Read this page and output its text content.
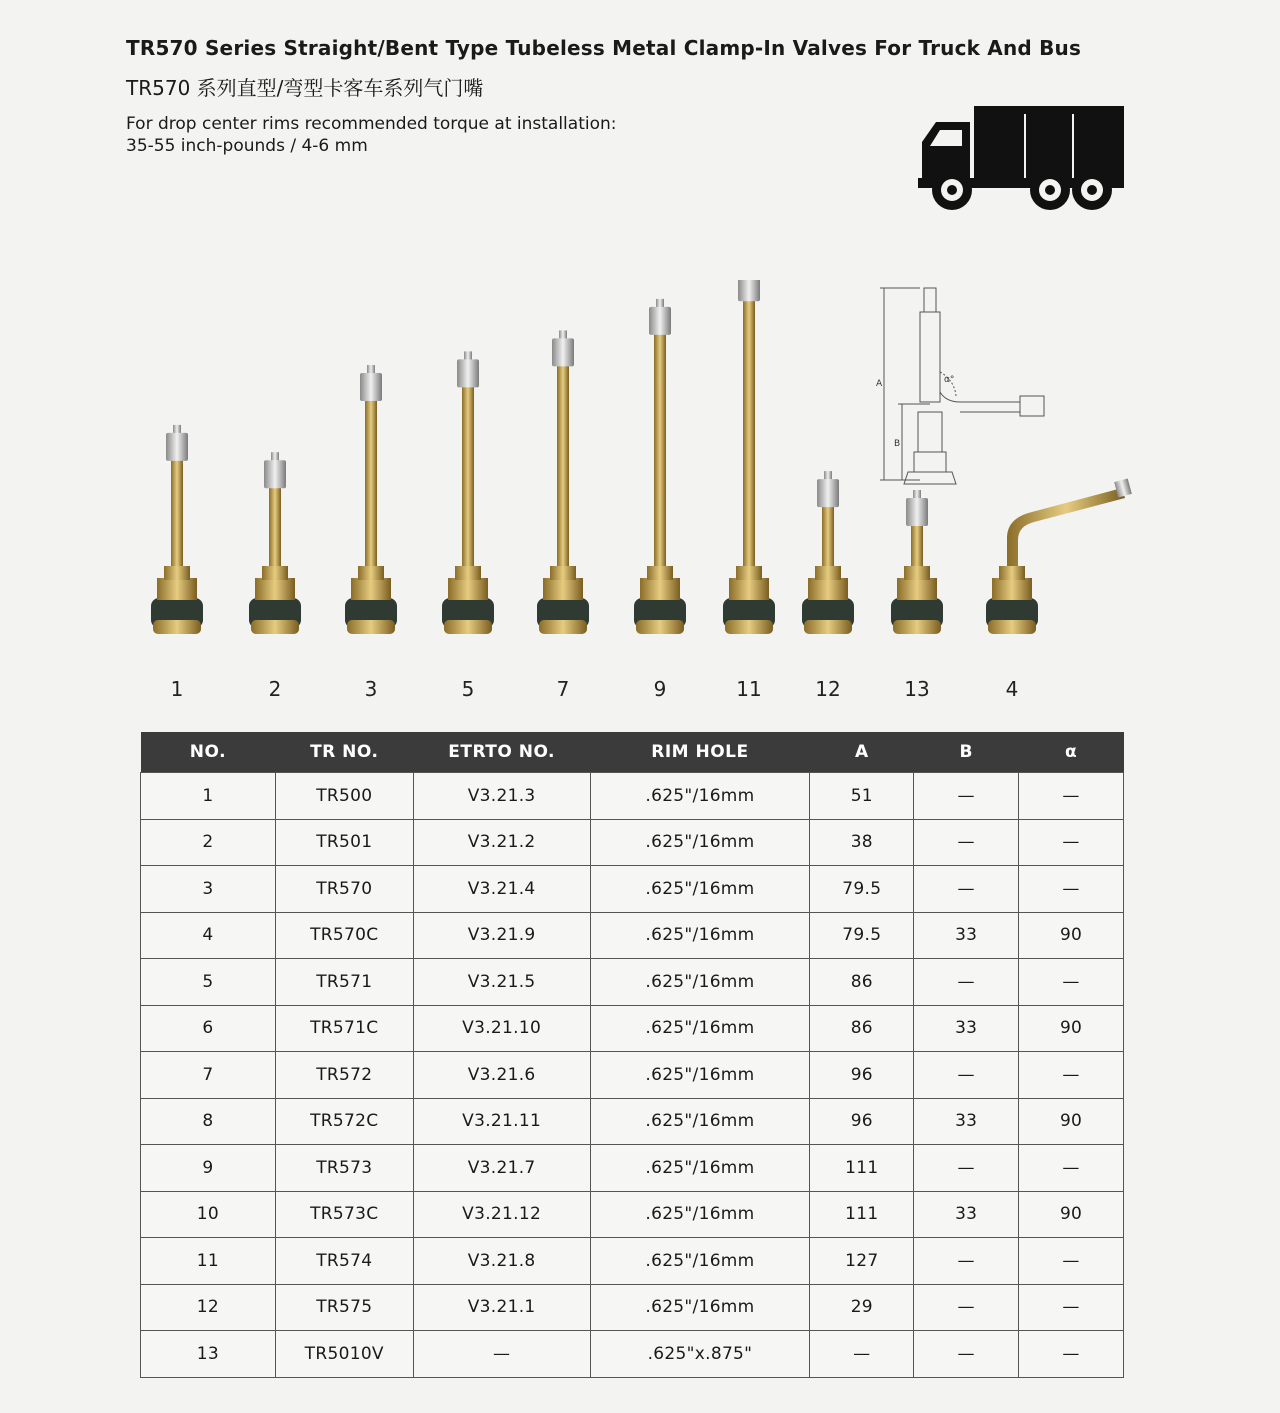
TR570 Series Straight/Bent Type Tubeless Metal Clamp-In Valves For Truck And Bus
TR570 系列直型/弯型卡客车系列气门嘴
For drop center rims recommended torque at installation: 35-55 inch-pounds / 4-6 mm
A
B
α°
1	2	3	5	7	9	11	12	13	4
NO.	TR NO.	ETRTO NO.	RIM HOLE	A	B	α
1	TR500	V3.21.3	.625"/16mm	51	—	—
2	TR501	V3.21.2	.625"/16mm	38	—	—
3	TR570	V3.21.4	.625"/16mm	79.5	—	—
4	TR570C	V3.21.9	.625"/16mm	79.5	33	90
5	TR571	V3.21.5	.625"/16mm	86	—	—
6	TR571C	V3.21.10	.625"/16mm	86	33	90
7	TR572	V3.21.6	.625"/16mm	96	—	—
8	TR572C	V3.21.11	.625"/16mm	96	33	90
9	TR573	V3.21.7	.625"/16mm	111	—	—
10	TR573C	V3.21.12	.625"/16mm	111	33	90
11	TR574	V3.21.8	.625"/16mm	127	—	—
12	TR575	V3.21.1	.625"/16mm	29	—	—
13	TR5010V	—	.625"x.875"	—	—	—
